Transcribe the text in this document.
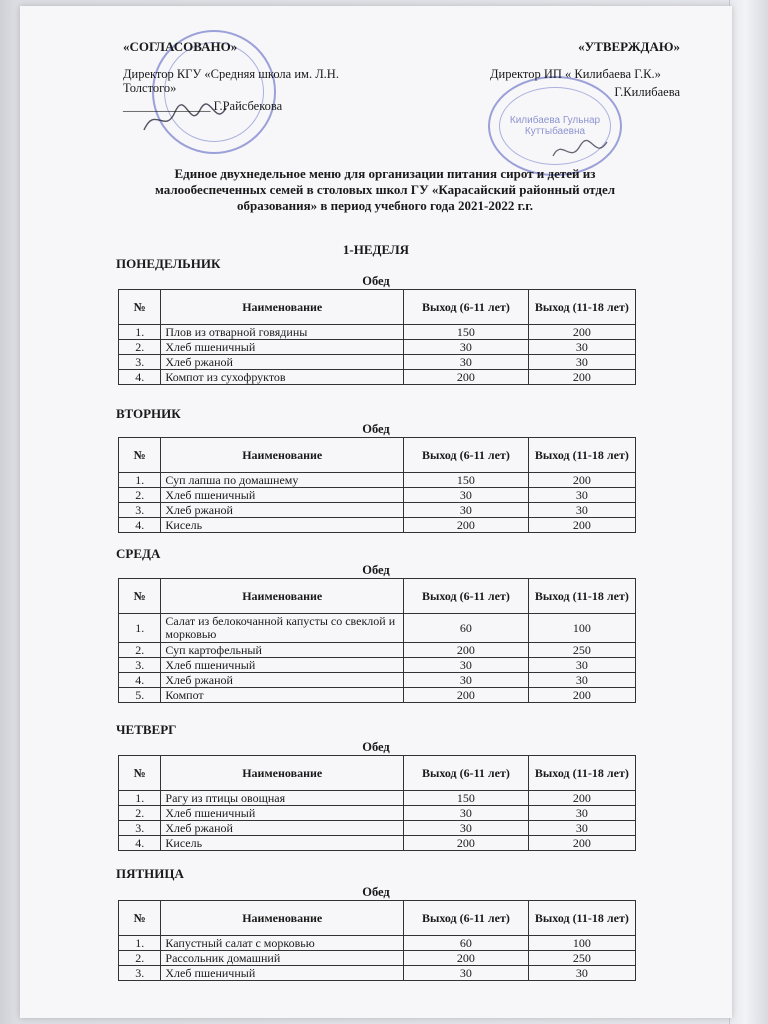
Килибаева Гульнар Куттыбаевна
«СОГЛАСОВАНО»
Директор КГУ «Средняя школа им. Л.Н. Толстого»
______________ Г.Райсбекова
«УТВЕРЖДАЮ»
Директор ИП « Килибаева Г.К.»
Г.Килибаева
Единое двухнедельное меню для организации питания сирот и детей из малообеспеченных семей в столовых школ ГУ «Карасайский районный отдел образования» в период учебного года 2021-2022 г.г.
1-НЕДЕЛЯ
ПОНЕДЕЛЬНИК
Обед
№	Наименование	Выход (6-11 лет)	Выход (11-18 лет)
1.	Плов из отварной говядины	150	200
2.	Хлеб пшеничный	30	30
3.	Хлеб ржаной	30	30
4.	Компот из сухофруктов	200	200
ВТОРНИК
Обед
№	Наименование	Выход (6-11 лет)	Выход (11-18 лет)
1.	Суп лапша по домашнему	150	200
2.	Хлеб пшеничный	30	30
3.	Хлеб ржаной	30	30
4.	Кисель	200	200
СРЕДА
Обед
№	Наименование	Выход (6-11 лет)	Выход (11-18 лет)
1.	Салат из белокочанной капусты со свеклой и морковью	60	100
2.	Суп картофельный	200	250
3.	Хлеб пшеничный	30	30
4.	Хлеб ржаной	30	30
5.	Компот	200	200
ЧЕТВЕРГ
Обед
№	Наименование	Выход (6-11 лет)	Выход (11-18 лет)
1.	Рагу из птицы овощная	150	200
2.	Хлеб пшеничный	30	30
3.	Хлеб ржаной	30	30
4.	Кисель	200	200
ПЯТНИЦА
Обед
№	Наименование	Выход (6-11 лет)	Выход (11-18 лет)
1.	Капустный салат с морковью	60	100
2.	Рассольник домашний	200	250
3.	Хлеб пшеничный	30	30
